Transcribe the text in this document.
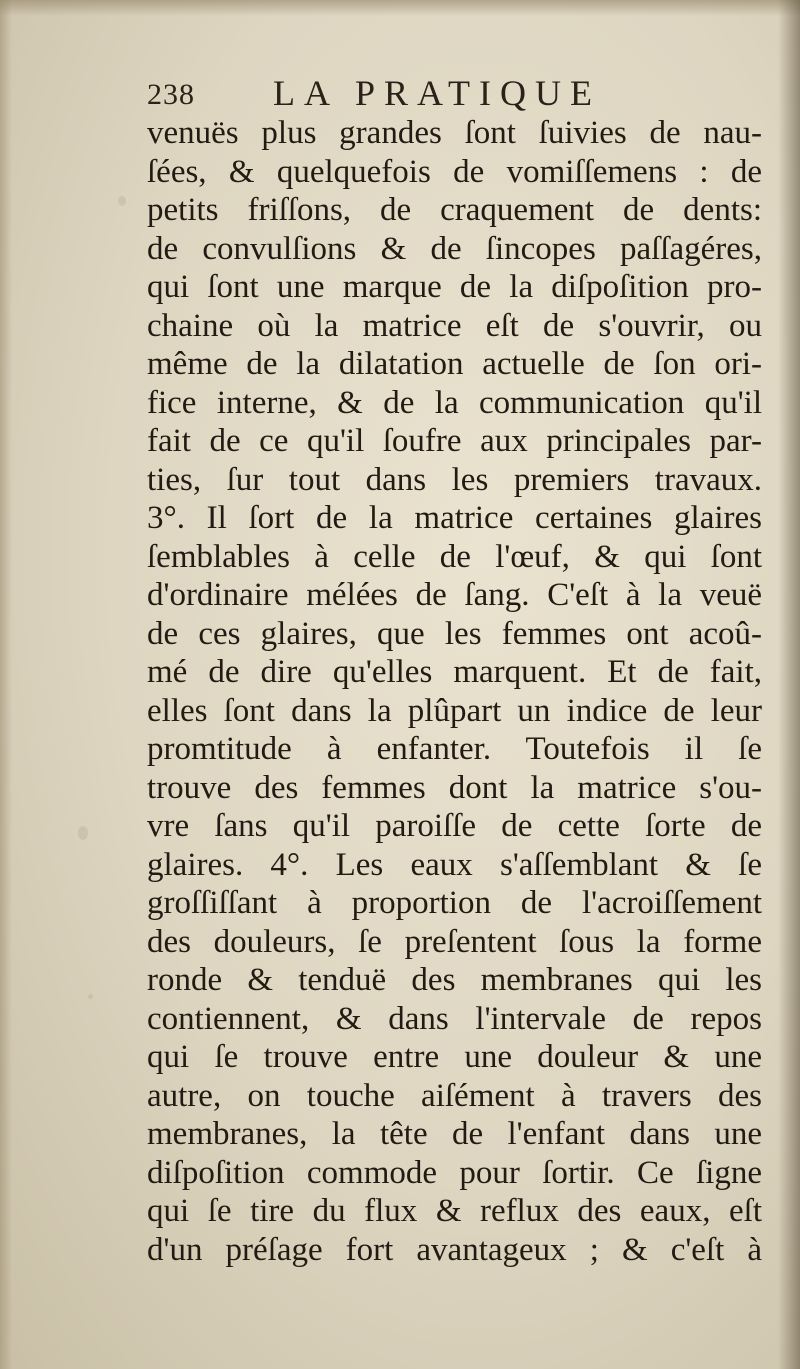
238 LA PRATIQUE
venuës plus grandes ſont ſuivies de nau-
ſées, & quelquefois de vomiſſemens : de
petits friſſons, de craquement de dents:
de convulſions & de ſincopes paſſagéres,
qui ſont une marque de la diſpoſition pro-
chaine où la matrice eſt de s'ouvrir, ou
même de la dilatation actuelle de ſon ori-
fice interne, & de la communication qu'il
fait de ce qu'il ſoufre aux principales par-
ties, ſur tout dans les premiers travaux.
3°. Il ſort de la matrice certaines glaires
ſemblables à celle de l'œuf, & qui ſont
d'ordinaire mélées de ſang. C'eſt à la veuë
de ces glaires, que les femmes ont acoû-
mé de dire qu'elles marquent. Et de fait,
elles ſont dans la plûpart un indice de leur
promtitude à enfanter. Toutefois il ſe
trouve des femmes dont la matrice s'ou-
vre ſans qu'il paroiſſe de cette ſorte de
glaires. 4°. Les eaux s'aſſemblant & ſe
groſſiſſant à proportion de l'acroiſſement
des douleurs, ſe preſentent ſous la forme
ronde & tenduë des membranes qui les
contiennent, & dans l'intervale de repos
qui ſe trouve entre une douleur & une
autre, on touche aiſément à travers des
membranes, la tête de l'enfant dans une
diſpoſition commode pour ſortir. Ce ſigne
qui ſe tire du flux & reflux des eaux, eſt
d'un préſage fort avantageux ; & c'eſt à
